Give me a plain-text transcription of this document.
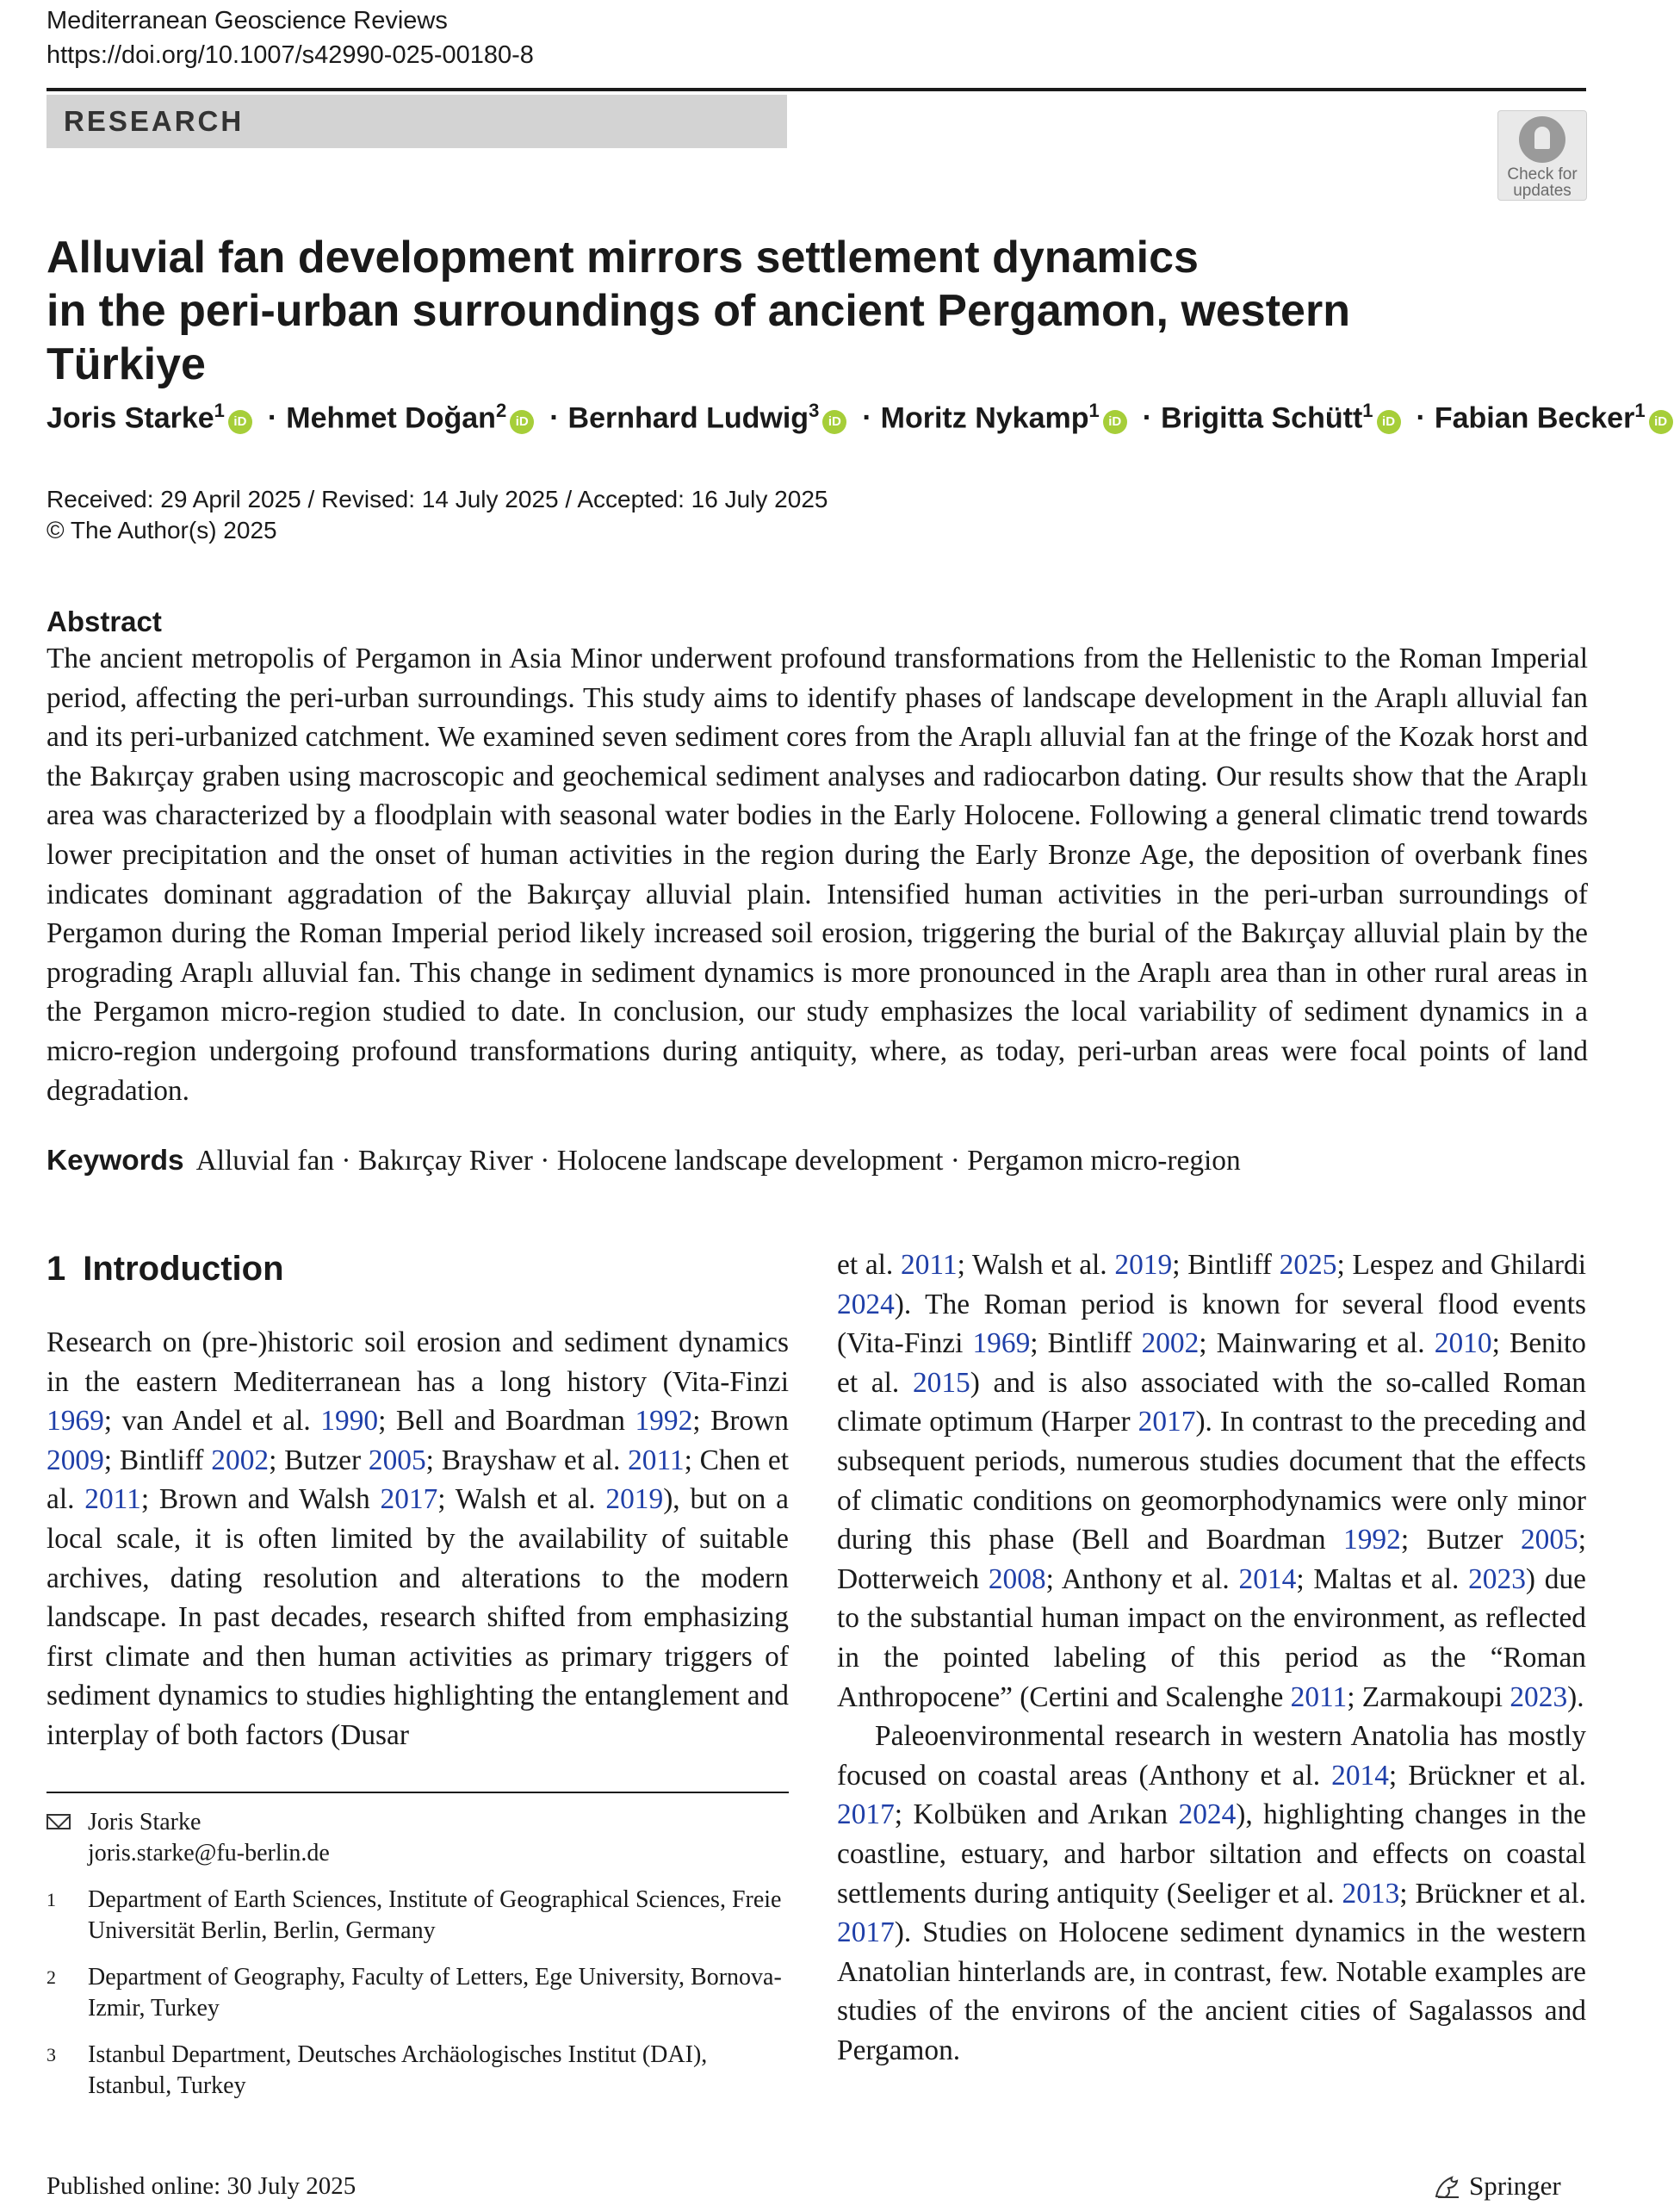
Mediterranean Geoscience Reviews
https://doi.org/10.1007/s42990-025-00180-8
RESEARCH
Check for
updates
Alluvial fan development mirrors settlement dynamics
in the peri-urban surroundings of ancient Pergamon, western Türkiye
Joris Starke$^1$iD · Mehmet Doğan$^2$iD · Bernhard Ludwig$^3$iD · Moritz Nykamp$^1$iD · Brigitta Schütt$^1$iD · Fabian Becker$^1$iD
Received: 29 April 2025 / Revised: 14 July 2025 / Accepted: 16 July 2025
© The Author(s) 2025
Abstract
The ancient metropolis of Pergamon in Asia Minor underwent profound transformations from the Hellenistic to the Roman Imperial period, affecting the peri-urban surroundings. This study aims to identify phases of landscape development in the Araplı alluvial fan and its peri-urbanized catchment. We examined seven sediment cores from the Araplı alluvial fan at the fringe of the Kozak horst and the Bakırçay graben using macroscopic and geochemical sediment analyses and radiocarbon dating. Our results show that the Araplı area was characterized by a floodplain with seasonal water bodies in the Early Holocene. Following a general climatic trend towards lower precipitation and the onset of human activities in the region during the Early Bronze Age, the deposition of overbank fines indicates dominant aggradation of the Bakırçay alluvial plain. Intensified human activities in the peri-urban surroundings of Pergamon during the Roman Imperial period likely increased soil erosion, triggering the burial of the Bakırçay alluvial plain by the prograding Araplı alluvial fan. This change in sediment dynamics is more pronounced in the Araplı area than in other rural areas in the Pergamon micro-region studied to date. In conclusion, our study emphasizes the local variability of sediment dynamics in a micro-region undergoing profound transformations during antiquity, where, as today, peri-urban areas were focal points of land degradation.
Keywords Alluvial fan · Bakırçay River · Holocene landscape development · Pergamon micro-region
1 Introduction
Research on (pre-)historic soil erosion and sediment dynamics in the eastern Mediterranean has a long history (Vita-Finzi 1969; van Andel et al. 1990; Bell and Boardman 1992; Brown 2009; Bintliff 2002; Butzer 2005; Brayshaw et al. 2011; Chen et al. 2011; Brown and Walsh 2017; Walsh et al. 2019), but on a local scale, it is often limited by the availability of suitable archives, dating resolution and alterations to the modern landscape. In past decades, research shifted from emphasizing first climate and then human activities as primary triggers of sediment dynamics to studies highlighting the entanglement and interplay of both factors (Dusar

et al. 2011; Walsh et al. 2019; Bintliff 2025; Lespez and Ghilardi 2024). The Roman period is known for several flood events (Vita-Finzi 1969; Bintliff 2002; Mainwaring et al. 2010; Benito et al. 2015) and is also associated with the so-called Roman climate optimum (Harper 2017). In contrast to the preceding and subsequent periods, numerous studies document that the effects of climatic conditions on geomorphodynamics were only minor during this phase (Bell and Boardman 1992; Butzer 2005; Dotterweich 2008; Anthony et al. 2014; Maltas et al. 2023) due to the substantial human impact on the environment, as reflected in the pointed labeling of this period as the “Roman Anthropocene” (Certini and Scalenghe 2011; Zarmakoupi 2023).

Paleoenvironmental research in western Anatolia has mostly focused on coastal areas (Anthony et al. 2014; Brückner et al. 2017; Kolbüken and Arıkan 2024), highlighting changes in the coastline, estuary, and harbor siltation and effects on coastal settlements during antiquity (Seeliger et al. 2013; Brückner et al. 2017). Studies on Holocene sediment dynamics in the western Anatolian hinterlands are, in contrast, few. Notable examples are studies of the environs of the ancient cities of Sagalassos and Pergamon.

Joris Starke
joris.starke@fu-berlin.de
1 Department of Earth Sciences, Institute of Geographical Sciences, Freie Universität Berlin, Berlin, Germany
2 Department of Geography, Faculty of Letters, Ege University, Bornova-Izmir, Turkey
3 Istanbul Department, Deutsches Archäologisches Institut (DAI), Istanbul, Turkey
Published online: 30 July 2025	Springer
